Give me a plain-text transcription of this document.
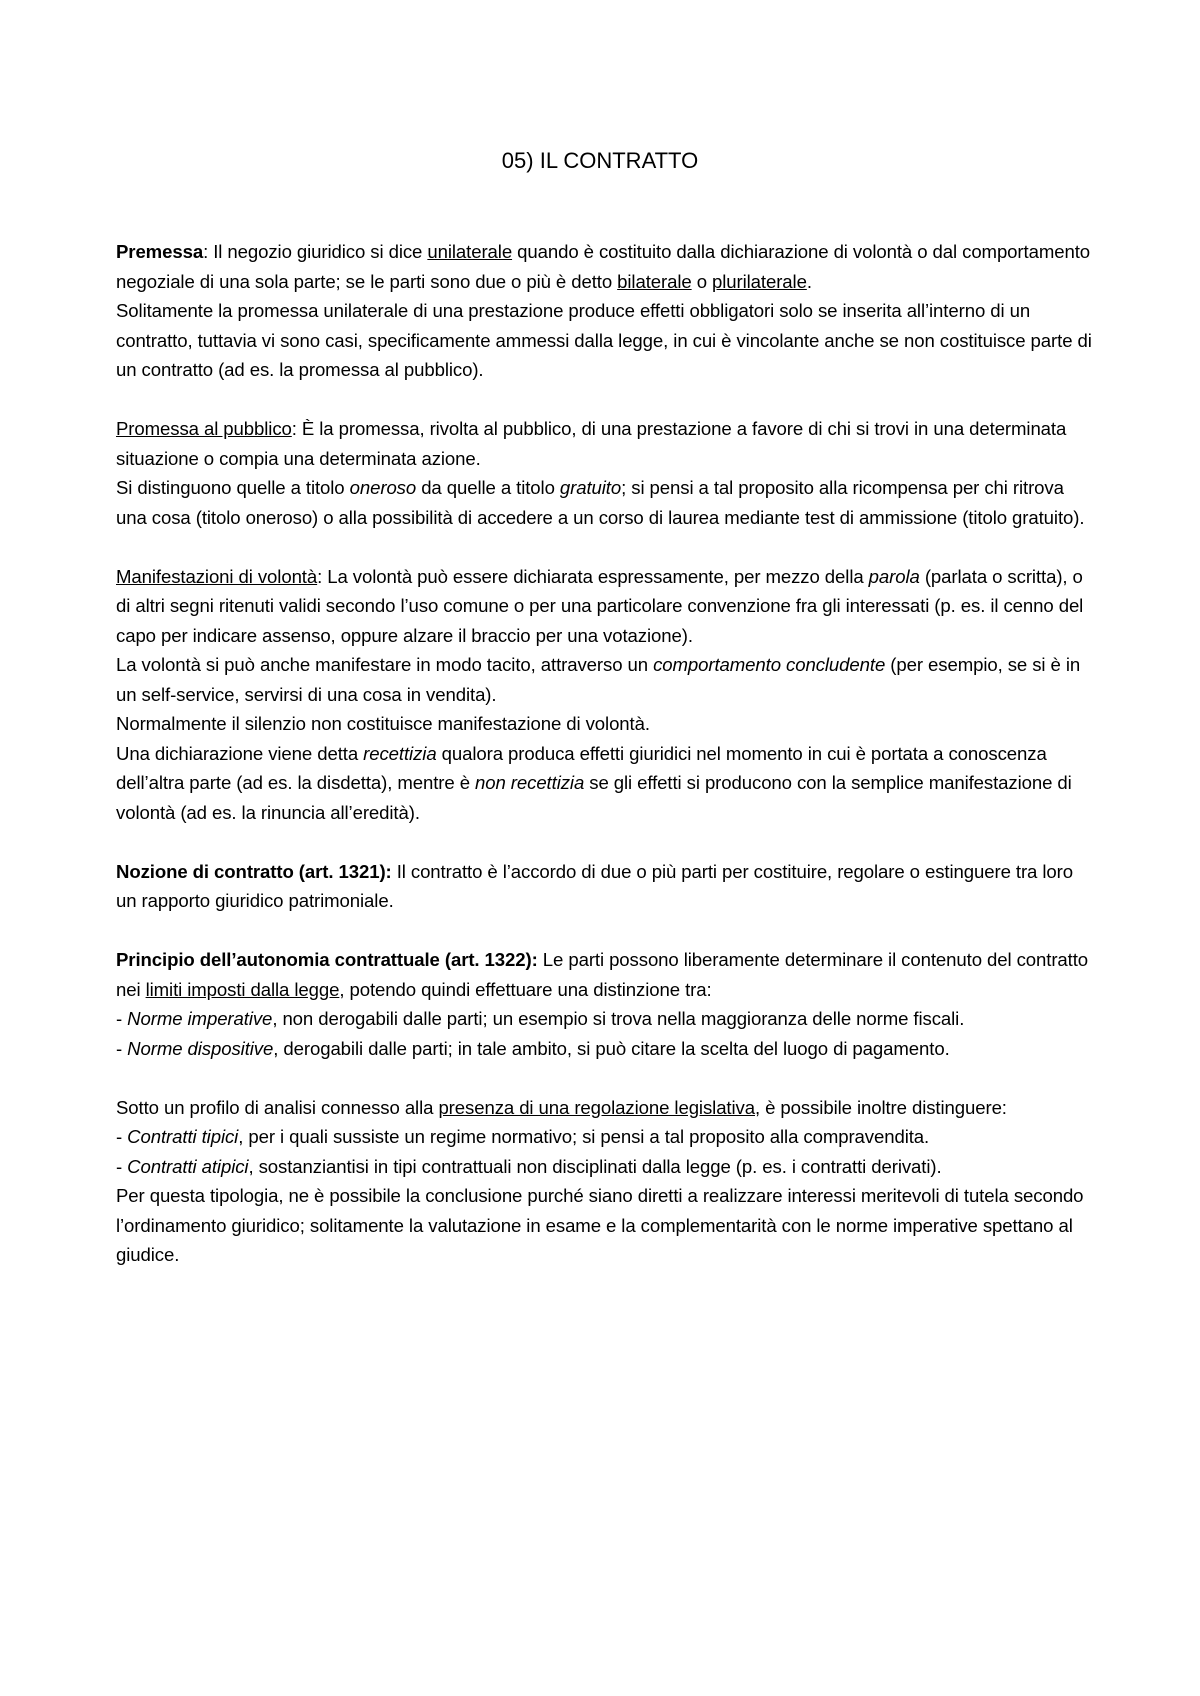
05) IL CONTRATTO

Premessa: Il negozio giuridico si dice unilaterale quando è costituito dalla dichiarazione di volontà o dal comportamento negoziale di una sola parte; se le parti sono due o più è detto bilaterale o plurilaterale.

Solitamente la promessa unilaterale di una prestazione produce effetti obbligatori solo se inserita all’interno di un contratto, tuttavia vi sono casi, specificamente ammessi dalla legge, in cui è vincolante anche se non costituisce parte di un contratto (ad es. la promessa al pubblico).

Promessa al pubblico: È la promessa, rivolta al pubblico, di una prestazione a favore di chi si trovi in una determinata situazione o compia una determinata azione.

Si distinguono quelle a titolo oneroso da quelle a titolo gratuito; si pensi a tal proposito alla ricompensa per chi ritrova una cosa (titolo oneroso) o alla possibilità di accedere a un corso di laurea mediante test di ammissione (titolo gratuito).

Manifestazioni di volontà: La volontà può essere dichiarata espressamente, per mezzo della parola (parlata o scritta), o di altri segni ritenuti validi secondo l’uso comune o per una particolare convenzione fra gli interessati (p. es. il cenno del capo per indicare assenso, oppure alzare il braccio per una votazione).

La volontà si può anche manifestare in modo tacito, attraverso un comportamento concludente (per esempio, se si è in un self-service, servirsi di una cosa in vendita).

Normalmente il silenzio non costituisce manifestazione di volontà.

Una dichiarazione viene detta recettizia qualora produca effetti giuridici nel momento in cui è portata a conoscenza dell’altra parte (ad es. la disdetta), mentre è non recettizia se gli effetti si producono con la semplice manifestazione di volontà (ad es. la rinuncia all’eredità).

Nozione di contratto (art. 1321): Il contratto è l’accordo di due o più parti per costituire, regolare o estinguere tra loro un rapporto giuridico patrimoniale.

Principio dell’autonomia contrattuale (art. 1322): Le parti possono liberamente determinare il contenuto del contratto nei limiti imposti dalla legge, potendo quindi effettuare una distinzione tra:

- Norme imperative, non derogabili dalle parti; un esempio si trova nella maggioranza delle norme fiscali.

- Norme dispositive, derogabili dalle parti; in tale ambito, si può citare la scelta del luogo di pagamento.

Sotto un profilo di analisi connesso alla presenza di una regolazione legislativa, è possibile inoltre distinguere:

- Contratti tipici, per i quali sussiste un regime normativo; si pensi a tal proposito alla compravendita.

- Contratti atipici, sostanziantisi in tipi contrattuali non disciplinati dalla legge (p. es. i contratti derivati).

Per questa tipologia, ne è possibile la conclusione purché siano diretti a realizzare interessi meritevoli di tutela secondo l’ordinamento giuridico; solitamente la valutazione in esame e la complementarità con le norme imperative spettano al giudice.
